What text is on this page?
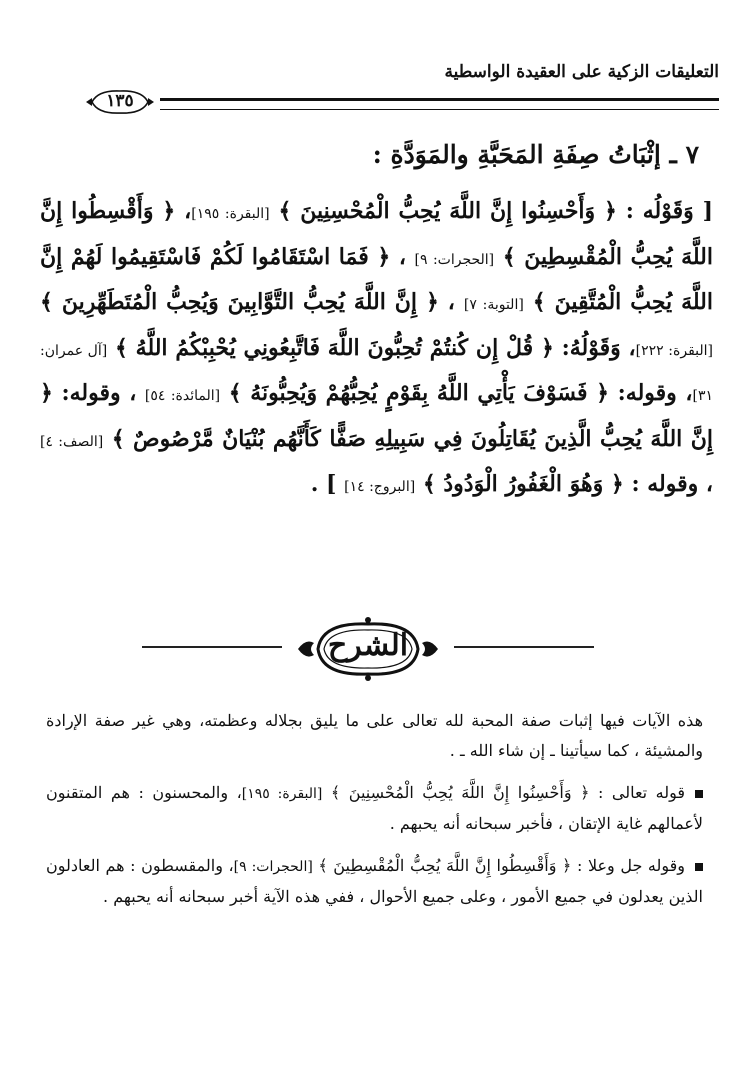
التعليقات الزكية على العقيدة الواسطية
١٣٥
٧ ـ إثْبَاتُ صِفَةِ المَحَبَّةِ والمَوَدَّةِ :
[ وَقَوْلُه : ﴿ وَأَحْسِنُوا إِنَّ اللَّهَ يُحِبُّ الْمُحْسِنِينَ ﴾ [البقرة: ١٩٥]، ﴿ وَأَقْسِطُوا إِنَّ اللَّهَ يُحِبُّ الْمُقْسِطِينَ ﴾ [الحجرات: ٩] ، ﴿ فَمَا اسْتَقَامُوا لَكُمْ فَاسْتَقِيمُوا لَهُمْ إِنَّ اللَّهَ يُحِبُّ الْمُتَّقِينَ ﴾ [التوبة: ٧] ، ﴿ إِنَّ اللَّهَ يُحِبُّ التَّوَّابِينَ وَيُحِبُّ الْمُتَطَهِّرِينَ ﴾ [البقرة: ٢٢٢]، وَقَوْلُهُ: ﴿ قُلْ إِن كُنتُمْ تُحِبُّونَ اللَّهَ فَاتَّبِعُونِي يُحْبِبْكُمُ اللَّهُ ﴾ [آل عمران: ٣١]، وقوله: ﴿ فَسَوْفَ يَأْتِي اللَّهُ بِقَوْمٍ يُحِبُّهُمْ وَيُحِبُّونَهُ ﴾ [المائدة: ٥٤] ، وقوله: ﴿ إِنَّ اللَّهَ يُحِبُّ الَّذِينَ يُقَاتِلُونَ فِي سَبِيلِهِ صَفًّا كَأَنَّهُم بُنْيَانٌ مَّرْصُوصٌ ﴾ [الصف: ٤] ، وقوله : ﴿ وَهُوَ الْغَفُورُ الْوَدُودُ ﴾ [البروج: ١٤] ] .
الشرح

هذه الآيات فيها إثبات صفة المحبة لله تعالى على ما يليق بجلاله وعظمته، وهي غير صفة الإرادة والمشيئة ، كما سيأتينا ـ إن شاء الله ـ .

قوله تعالى : ﴿ وَأَحْسِنُوا إِنَّ اللَّهَ يُحِبُّ الْمُحْسِنِينَ ﴾ [البقرة: ١٩٥]، والمحسنون : هم المتقنون لأعمالهم غاية الإتقان ، فأخبر سبحانه أنه يحبهم .

وقوله جل وعلا : ﴿ وَأَقْسِطُوا إِنَّ اللَّهَ يُحِبُّ الْمُقْسِطِينَ ﴾ [الحجرات: ٩]، والمقسطون : هم العادلون الذين يعدلون في جميع الأمور ، وعلى جميع الأحوال ، ففي هذه الآية أخبر سبحانه أنه يحبهم .
